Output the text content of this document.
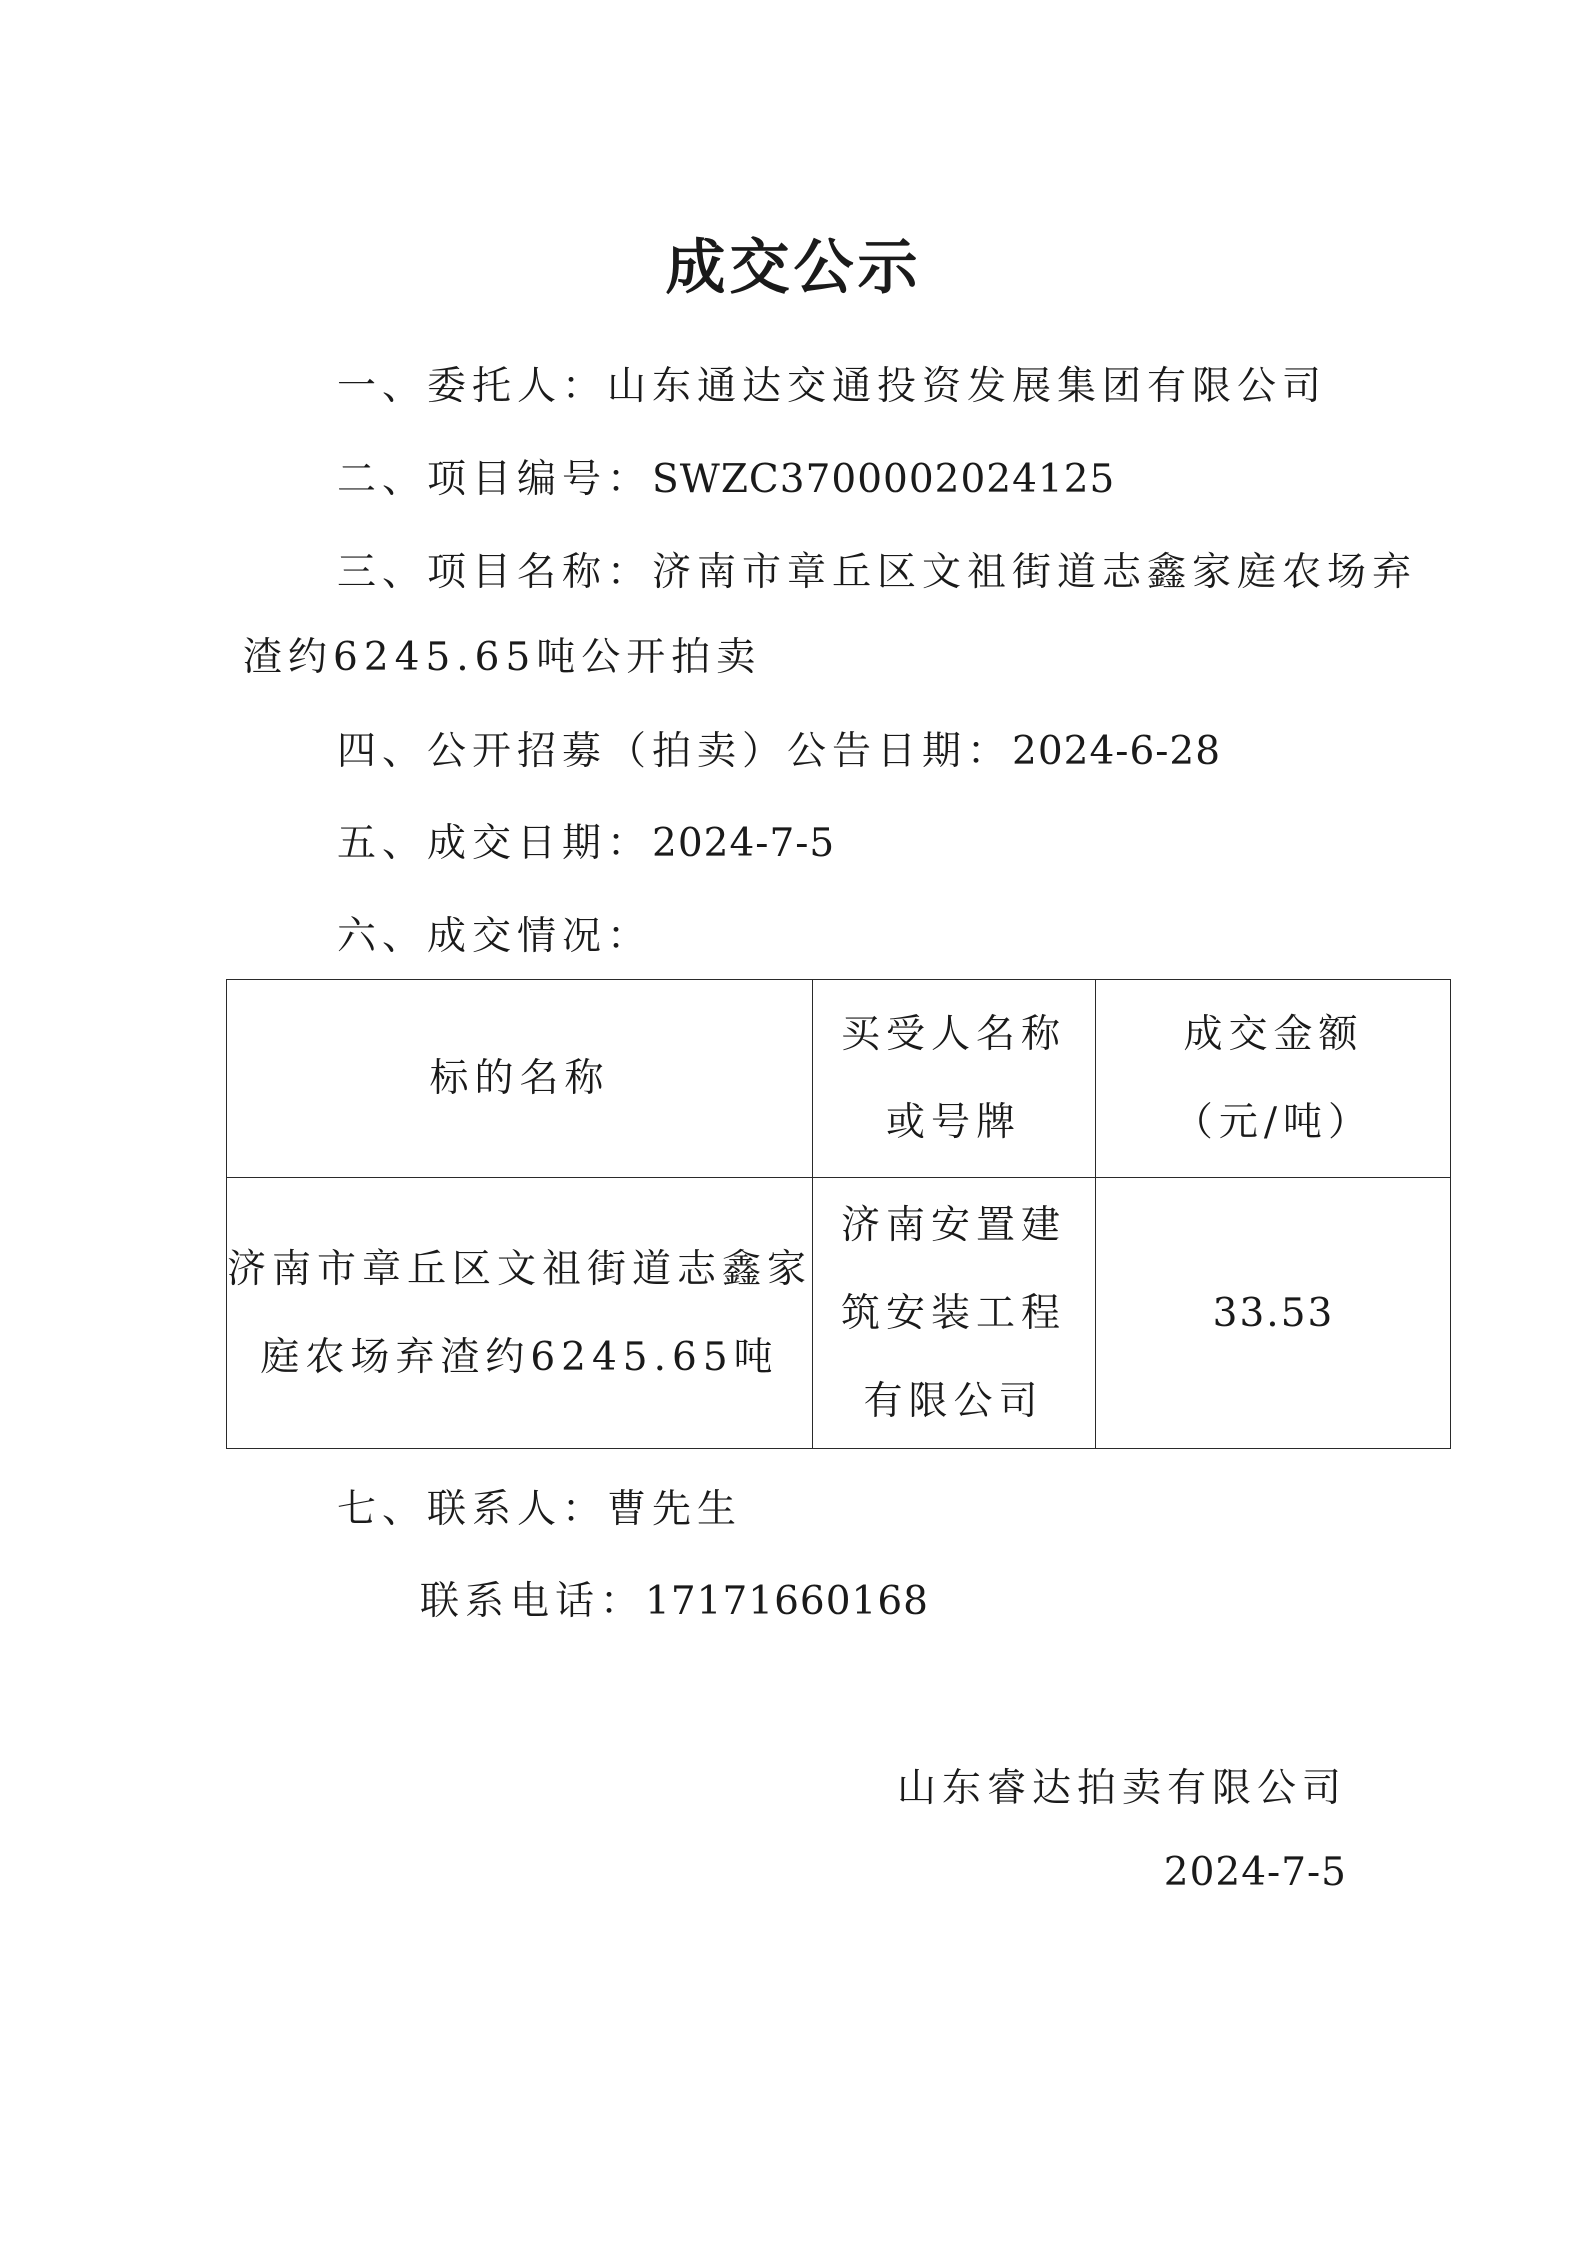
成交公示
一、委托人：山东通达交通投资发展集团有限公司
二、项目编号：SWZC3700002024125
三、项目名称：济南市章丘区文祖街道志鑫家庭农场弃
渣约6245.65吨公开拍卖
四、公开招募（拍卖）公告日期：2024-6-28
五、成交日期：2024-7-5
六、成交情况：
标的名称
买受人名称
或号牌
成交金额
（元/吨）
济南市章丘区文祖街道志鑫家
庭农场弃渣约6245.65吨
济南安置建
筑安装工程
有限公司
33.53
七、联系人：曹先生
联系电话：17171660168
山东睿达拍卖有限公司
2024-7-5
